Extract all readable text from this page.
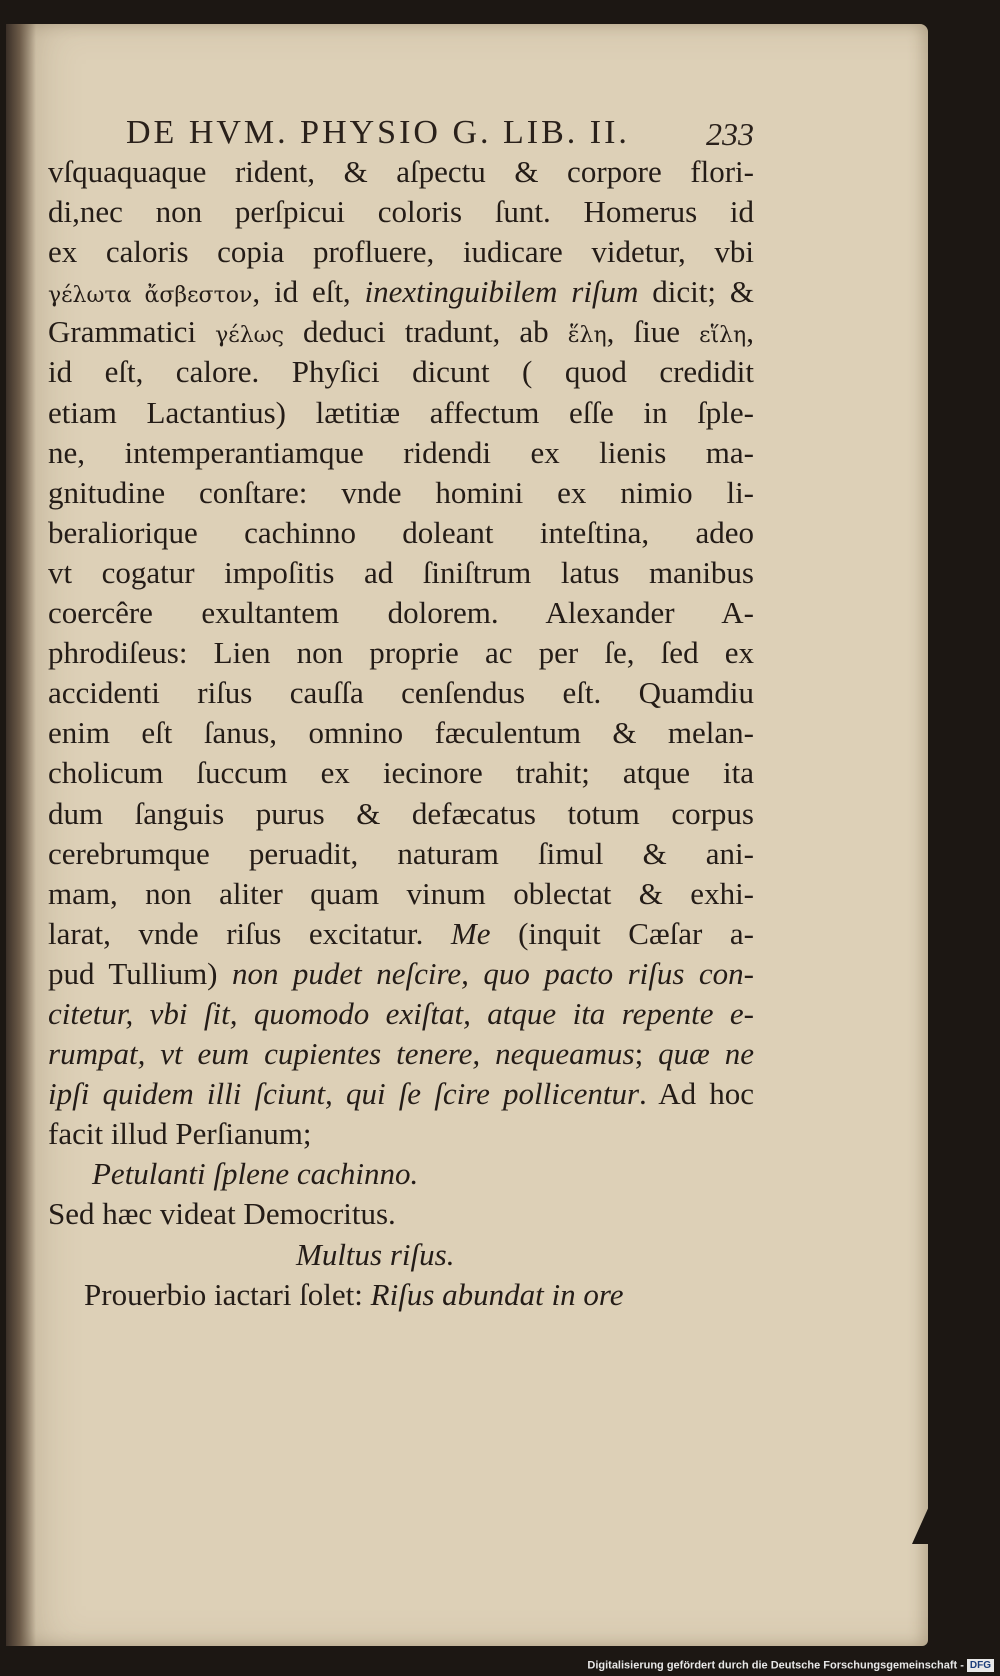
DE HVM. PHYSIO G. LIB. II.	233
vſquaquaque rident, & aſpectu & corpore flori-
di,nec non perſpicui coloris ſunt. Homerus id
ex caloris copia profluere, iudicare videtur, vbi
γέλωτα ἄσβεστον, id eſt, inextinguibilem riſum dicit; &
Grammatici γέλως deduci tradunt, ab ἕλη, ſiue εἵλη,
id eſt, calore. Phyſici dicunt ( quod credidit
etiam Lactantius) lætitiæ affectum eſſe in ſple-
ne, intemperantiamque ridendi ex lienis ma-
gnitudine conſtare: vnde homini ex nimio li-
beraliorique cachinno doleant inteſtina, adeo
vt cogatur impoſitis ad ſiniſtrum latus manibus
coercêre exultantem dolorem. Alexander A-
phrodiſeus: Lien non proprie ac per ſe, ſed ex
accidenti riſus cauſſa cenſendus eſt. Quamdiu
enim eſt ſanus, omnino fæculentum & melan-
cholicum ſuccum ex iecinore trahit; atque ita
dum ſanguis purus & defæcatus totum corpus
cerebrumque peruadit, naturam ſimul & ani-
mam, non aliter quam vinum oblectat & exhi-
larat, vnde riſus excitatur. Me (inquit Cæſar a-
pud Tullium) non pudet neſcire, quo pacto riſus con-
citetur, vbi ſit, quomodo exiſtat, atque ita repente e-
rumpat, vt eum cupientes tenere, nequeamus; quæ ne
ipſi quidem illi ſciunt, qui ſe ſcire pollicentur. Ad hoc
facit illud Perſianum;
Petulanti ſplene cachinno.
Sed hæc videat Democritus.
Multus riſus.
Prouerbio iactari ſolet: Riſus abundat in ore
Digitalisierung gefördert durch die Deutsche Forschungsgemeinschaft - DFG
